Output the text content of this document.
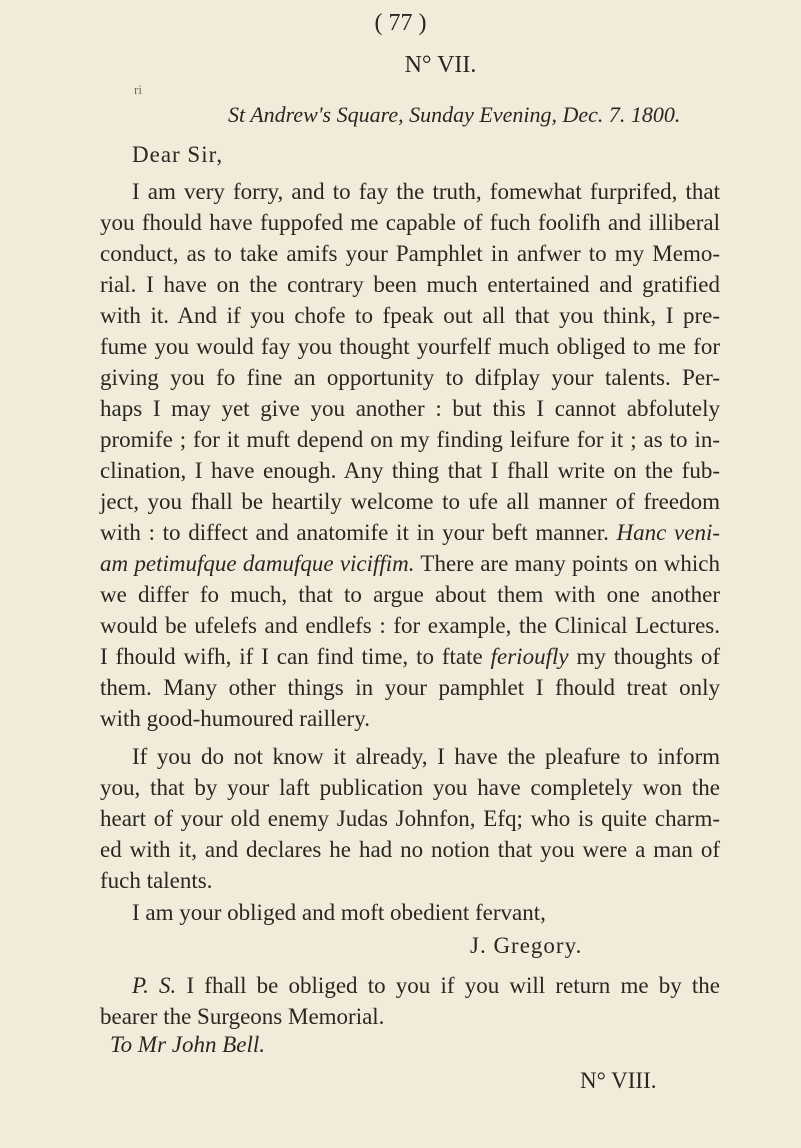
( 77 )

N° VII.

ri

St Andrew's Square, Sunday Evening, Dec. 7. 1800.

Dear Sir,

I am very forry, and to fay the truth, fomewhat furprifed, that

you fhould have fuppofed me capable of fuch foolifh and illiberal

conduct, as to take amifs your Pamphlet in anfwer to my Memo-

rial. I have on the contrary been much entertained and gratified

with it. And if you chofe to fpeak out all that you think, I pre-

fume you would fay you thought yourfelf much obliged to me for

giving you fo fine an opportunity to difplay your talents. Per-

haps I may yet give you another : but this I cannot abfolutely

promife ; for it muft depend on my finding leifure for it ; as to in-

clination, I have enough. Any thing that I fhall write on the fub-

ject, you fhall be heartily welcome to ufe all manner of freedom

with : to diffect and anatomife it in your beft manner. Hanc veni-

am petimufque damufque viciffim. There are many points on which

we differ fo much, that to argue about them with one another

would be ufelefs and endlefs : for example, the Clinical Lectures.

I fhould wifh, if I can find time, to ftate ferioufly my thoughts of

them. Many other things in your pamphlet I fhould treat only

with good-humoured raillery.

If you do not know it already, I have the pleafure to inform

you, that by your laft publication you have completely won the

heart of your old enemy Judas Johnfon, Efq; who is quite charm-

ed with it, and declares he had no notion that you were a man of

fuch talents.

I am your obliged and moft obedient fervant,

J. Gregory.

P. S. I fhall be obliged to you if you will return me by the

bearer the Surgeons Memorial.

To Mr John Bell.

N° VIII.
